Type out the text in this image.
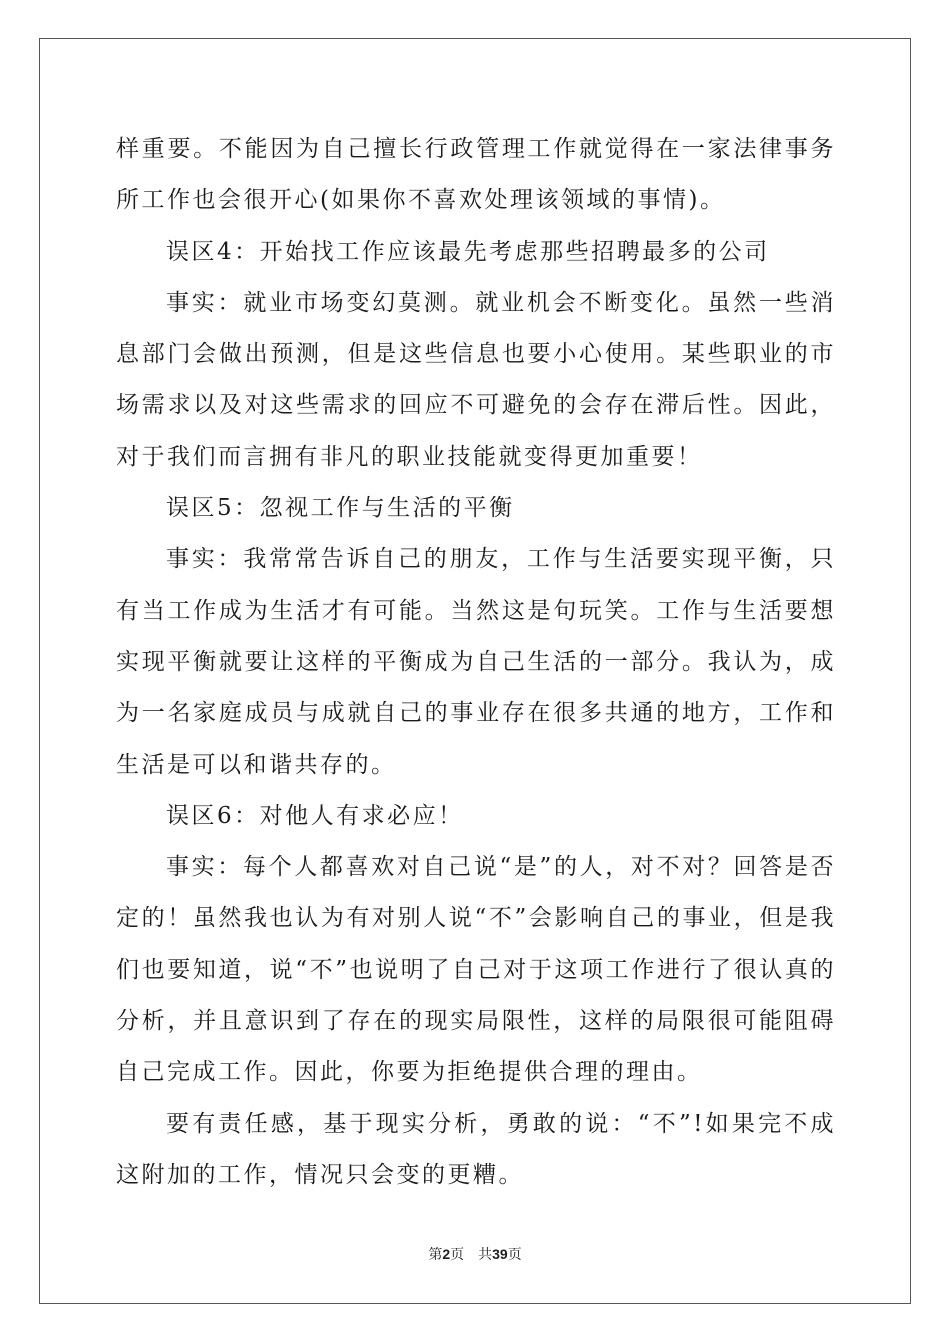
样重要。不能因为自己擅长行政管理工作就觉得在一家法律事务所工作也会很开心(如果你不喜欢处理该领域的事情)。

误区4：开始找工作应该最先考虑那些招聘最多的公司

事实：就业市场变幻莫测。就业机会不断变化。虽然一些消息部门会做出预测，但是这些信息也要小心使用。某些职业的市场需求以及对这些需求的回应不可避免的会存在滞后性。因此，对于我们而言拥有非凡的职业技能就变得更加重要！

误区5：忽视工作与生活的平衡

事实：我常常告诉自己的朋友，工作与生活要实现平衡，只有当工作成为生活才有可能。当然这是句玩笑。工作与生活要想实现平衡就要让这样的平衡成为自己生活的一部分。我认为，成为一名家庭成员与成就自己的事业存在很多共通的地方，工作和生活是可以和谐共存的。

误区6：对他人有求必应！

事实：每个人都喜欢对自己说“是”的人，对不对？回答是否定的！虽然我也认为有对别人说“不”会影响自己的事业，但是我们也要知道，说“不”也说明了自己对于这项工作进行了很认真的分析，并且意识到了存在的现实局限性，这样的局限很可能阻碍自己完成工作。因此，你要为拒绝提供合理的理由。

要有责任感，基于现实分析，勇敢的说：“不”!如果完不成这附加的工作，情况只会变的更糟。

第2页 共39页
